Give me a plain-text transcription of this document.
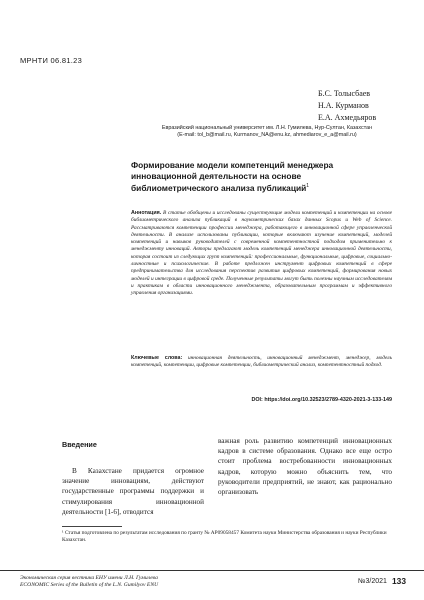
МРНТИ 06.81.23
Б.С. Толысбаев
Н.А. Курманов
Е.А. Ахмедьяров
Евразийский национальный университет им. Л.Н. Гумилева, Нур-Султан, Казахстан
(E-mail: tol_b@mail.ru, Kurmanov_NA@enu.kz, ahmediarov_e_a@mail.ru)
Формирование модели компетенций менеджера инновационной деятельности на основе библиометрического анализа публикаций$^1$
Аннотация. В статье обобщены и исследованы существующие модели компетенций и компетенции на основе библиометрического анализа публикаций в наукометрических базах данных Scopus и Web of Science. Рассматриваются компетенции профессии менеджера, работающего в инновационной сфере управленческой деятельности. В анализе использованы публикации, которые включают изучение компетенций, моделей компетенций и навыков руководителей с современной компетентностной подходом применительно к менеджменту инноваций. Авторы предлагают модель компетенций менеджера инновационной деятельности, которая состоит из следующих групп компетенций: профессиональные, функциональные, цифровые, социально-личностные и психологические. В работе предложен инструмент цифровых компетенций в сфере предпринимательства для исследования перспектив развития цифровых компетенций, формирования новых моделей и интеграции в цифровой среде. Полученные результаты могут быть полезны научным исследователям и практикам в области инновационного менеджмента, образовательным программам и эффективного управления организациями.
Ключевые слова: инновационная деятельность, инновационный менеджмент, менеджер, модель компетенций, компетенции, цифровые компетенции, библиометрический анализ, компетентностный подход.
DOI: https://doi.org/10.32523/2789-4320-2021-3-133-149
Введение
В Казахстане придается огромное значение инновациям, действуют государственные программы поддержки и стимулирования инновационной деятельности [1-6], отводится
важная роль развитию компетенций инновационных кадров в системе образования. Однако все еще остро стоит проблема востребованности инновационных кадров, которую можно объяснить тем, что руководители предприятий, не знают, как рационально организовать
¹ Статья подготовлена по результатам исследования по гранту № AP09058457 Комитета науки Министерства образования и науки Республики Казахстан.
Экономическая серия вестника ЕНУ имени Л.Н. Гумилева
ECONOMIC Series of the Bulletin of the L.N. Gumilyov ENU
№3/2021 133
